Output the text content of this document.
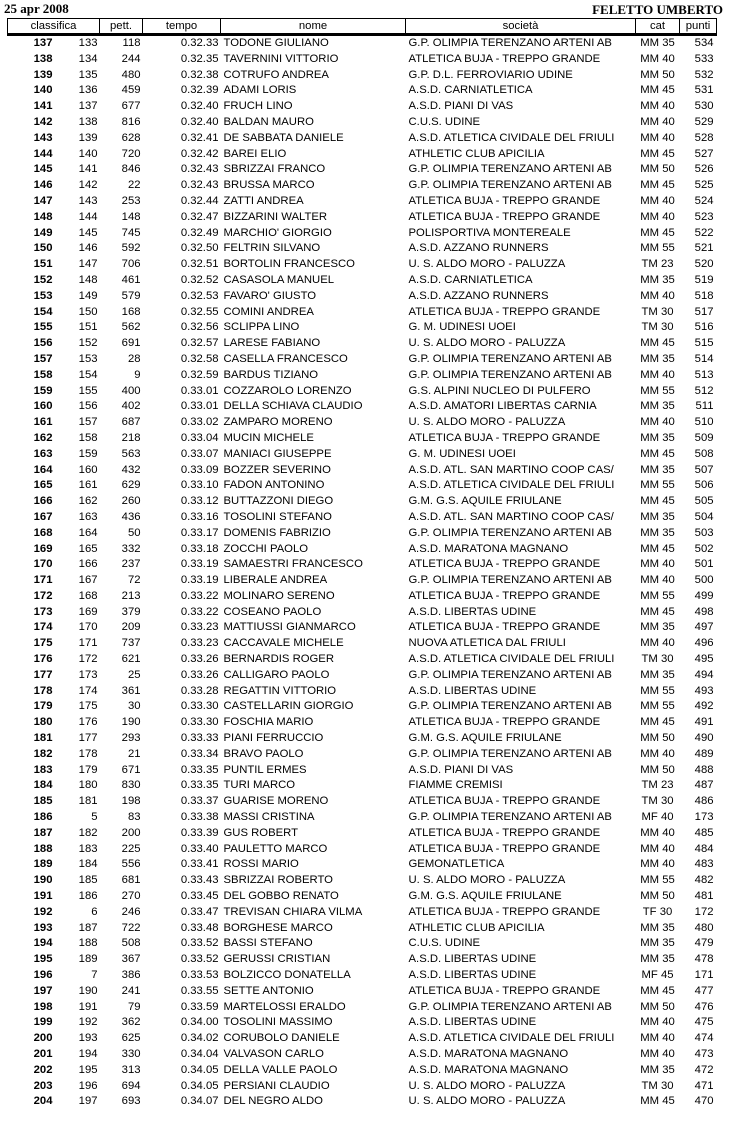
25 apr 2008	FELETTO UMBERTO
classifica		pett.	tempo	nome	società	cat	punti
137	133	118	0.32.33	TODONE GIULIANO	G.P. OLIMPIA TERENZANO ARTENI AB	MM 35	534
138	134	244	0.32.35	TAVERNINI VITTORIO	ATLETICA BUJA - TREPPO GRANDE	MM 40	533
139	135	480	0.32.38	COTRUFO ANDREA	G.P. D.L. FERROVIARIO UDINE	MM 50	532
140	136	459	0.32.39	ADAMI LORIS	A.S.D. CARNIATLETICA	MM 45	531
141	137	677	0.32.40	FRUCH LINO	A.S.D. PIANI DI VAS	MM 40	530
142	138	816	0.32.40	BALDAN MAURO	C.U.S. UDINE	MM 40	529
143	139	628	0.32.41	DE SABBATA DANIELE	A.S.D. ATLETICA CIVIDALE DEL FRIULI	MM 40	528
144	140	720	0.32.42	BAREI ELIO	ATHLETIC CLUB APICILIA	MM 45	527
145	141	846	0.32.43	SBRIZZAI FRANCO	G.P. OLIMPIA TERENZANO ARTENI AB	MM 50	526
146	142	22	0.32.43	BRUSSA MARCO	G.P. OLIMPIA TERENZANO ARTENI AB	MM 45	525
147	143	253	0.32.44	ZATTI ANDREA	ATLETICA BUJA - TREPPO GRANDE	MM 40	524
148	144	148	0.32.47	BIZZARINI WALTER	ATLETICA BUJA - TREPPO GRANDE	MM 40	523
149	145	745	0.32.49	MARCHIO' GIORGIO	POLISPORTIVA MONTEREALE	MM 45	522
150	146	592	0.32.50	FELTRIN SILVANO	A.S.D. AZZANO RUNNERS	MM 55	521
151	147	706	0.32.51	BORTOLIN FRANCESCO	U. S. ALDO MORO - PALUZZA	TM 23	520
152	148	461	0.32.52	CASASOLA MANUEL	A.S.D. CARNIATLETICA	MM 35	519
153	149	579	0.32.53	FAVARO' GIUSTO	A.S.D. AZZANO RUNNERS	MM 40	518
154	150	168	0.32.55	COMINI ANDREA	ATLETICA BUJA - TREPPO GRANDE	TM 30	517
155	151	562	0.32.56	SCLIPPA LINO	G. M. UDINESI UOEI	TM 30	516
156	152	691	0.32.57	LARESE FABIANO	U. S. ALDO MORO - PALUZZA	MM 45	515
157	153	28	0.32.58	CASELLA FRANCESCO	G.P. OLIMPIA TERENZANO ARTENI AB	MM 35	514
158	154	9	0.32.59	BARDUS TIZIANO	G.P. OLIMPIA TERENZANO ARTENI AB	MM 40	513
159	155	400	0.33.01	COZZAROLO LORENZO	G.S. ALPINI NUCLEO DI PULFERO	MM 55	512
160	156	402	0.33.01	DELLA SCHIAVA CLAUDIO	A.S.D. AMATORI LIBERTAS CARNIA	MM 35	511
161	157	687	0.33.02	ZAMPARO MORENO	U. S. ALDO MORO - PALUZZA	MM 40	510
162	158	218	0.33.04	MUCIN MICHELE	ATLETICA BUJA - TREPPO GRANDE	MM 35	509
163	159	563	0.33.07	MANIACI GIUSEPPE	G. M. UDINESI UOEI	MM 45	508
164	160	432	0.33.09	BOZZER SEVERINO	A.S.D. ATL. SAN MARTINO COOP CAS/	MM 35	507
165	161	629	0.33.10	FADON ANTONINO	A.S.D. ATLETICA CIVIDALE DEL FRIULI	MM 55	506
166	162	260	0.33.12	BUTTAZZONI DIEGO	G.M. G.S. AQUILE FRIULANE	MM 45	505
167	163	436	0.33.16	TOSOLINI STEFANO	A.S.D. ATL. SAN MARTINO COOP CAS/	MM 35	504
168	164	50	0.33.17	DOMENIS FABRIZIO	G.P. OLIMPIA TERENZANO ARTENI AB	MM 35	503
169	165	332	0.33.18	ZOCCHI PAOLO	A.S.D. MARATONA MAGNANO	MM 45	502
170	166	237	0.33.19	SAMAESTRI FRANCESCO	ATLETICA BUJA - TREPPO GRANDE	MM 40	501
171	167	72	0.33.19	LIBERALE ANDREA	G.P. OLIMPIA TERENZANO ARTENI AB	MM 40	500
172	168	213	0.33.22	MOLINARO SERENO	ATLETICA BUJA - TREPPO GRANDE	MM 55	499
173	169	379	0.33.22	COSEANO PAOLO	A.S.D. LIBERTAS UDINE	MM 45	498
174	170	209	0.33.23	MATTIUSSI GIANMARCO	ATLETICA BUJA - TREPPO GRANDE	MM 35	497
175	171	737	0.33.23	CACCAVALE MICHELE	NUOVA ATLETICA DAL FRIULI	MM 40	496
176	172	621	0.33.26	BERNARDIS ROGER	A.S.D. ATLETICA CIVIDALE DEL FRIULI	TM 30	495
177	173	25	0.33.26	CALLIGARO PAOLO	G.P. OLIMPIA TERENZANO ARTENI AB	MM 35	494
178	174	361	0.33.28	REGATTIN VITTORIO	A.S.D. LIBERTAS UDINE	MM 55	493
179	175	30	0.33.30	CASTELLARIN GIORGIO	G.P. OLIMPIA TERENZANO ARTENI AB	MM 55	492
180	176	190	0.33.30	FOSCHIA MARIO	ATLETICA BUJA - TREPPO GRANDE	MM 45	491
181	177	293	0.33.33	PIANI FERRUCCIO	G.M. G.S. AQUILE FRIULANE	MM 50	490
182	178	21	0.33.34	BRAVO PAOLO	G.P. OLIMPIA TERENZANO ARTENI AB	MM 40	489
183	179	671	0.33.35	PUNTIL ERMES	A.S.D. PIANI DI VAS	MM 50	488
184	180	830	0.33.35	TURI MARCO	FIAMME CREMISI	TM 23	487
185	181	198	0.33.37	GUARISE MORENO	ATLETICA BUJA - TREPPO GRANDE	TM 30	486
186	5	83	0.33.38	MASSI CRISTINA	G.P. OLIMPIA TERENZANO ARTENI AB	MF 40	173
187	182	200	0.33.39	GUS ROBERT	ATLETICA BUJA - TREPPO GRANDE	MM 40	485
188	183	225	0.33.40	PAULETTO MARCO	ATLETICA BUJA - TREPPO GRANDE	MM 40	484
189	184	556	0.33.41	ROSSI MARIO	GEMONATLETICA	MM 40	483
190	185	681	0.33.43	SBRIZZAI ROBERTO	U. S. ALDO MORO - PALUZZA	MM 55	482
191	186	270	0.33.45	DEL GOBBO RENATO	G.M. G.S. AQUILE FRIULANE	MM 50	481
192	6	246	0.33.47	TREVISAN CHIARA VILMA	ATLETICA BUJA - TREPPO GRANDE	TF 30	172
193	187	722	0.33.48	BORGHESE MARCO	ATHLETIC CLUB APICILIA	MM 35	480
194	188	508	0.33.52	BASSI STEFANO	C.U.S. UDINE	MM 35	479
195	189	367	0.33.52	GERUSSI CRISTIAN	A.S.D. LIBERTAS UDINE	MM 35	478
196	7	386	0.33.53	BOLZICCO DONATELLA	A.S.D. LIBERTAS UDINE	MF 45	171
197	190	241	0.33.55	SETTE ANTONIO	ATLETICA BUJA - TREPPO GRANDE	MM 45	477
198	191	79	0.33.59	MARTELOSSI ERALDO	G.P. OLIMPIA TERENZANO ARTENI AB	MM 50	476
199	192	362	0.34.00	TOSOLINI MASSIMO	A.S.D. LIBERTAS UDINE	MM 40	475
200	193	625	0.34.02	CORUBOLO DANIELE	A.S.D. ATLETICA CIVIDALE DEL FRIULI	MM 40	474
201	194	330	0.34.04	VALVASON CARLO	A.S.D. MARATONA MAGNANO	MM 40	473
202	195	313	0.34.05	DELLA VALLE PAOLO	A.S.D. MARATONA MAGNANO	MM 35	472
203	196	694	0.34.05	PERSIANI CLAUDIO	U. S. ALDO MORO - PALUZZA	TM 30	471
204	197	693	0.34.07	DEL NEGRO ALDO	U. S. ALDO MORO - PALUZZA	MM 45	470
